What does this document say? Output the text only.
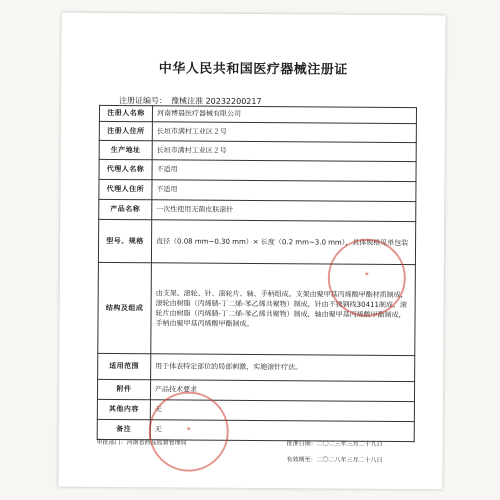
中华人民共和国医疗器械注册证
注册证编号： 豫械注准 20232200217
注册人名称	河南博晨医疗器械有限公司
注册人住所	长垣市满村工业区２号
生产地址	长垣市满村工业区２号
代理人名称	不适用
代理人住所	不适用
产品名称	一次性使用无菌皮肤滚针
型号、规格	直径（0.08 mm~0.30 mm）× 长度（0.2 mm~3.0 mm），具体规格见单包装
结构及组成	由支架、滚轮、针、滚轮片、轴、手柄组成。支架由聚甲基丙烯酸甲酯材质制成，滚轮由树脂（丙烯腈-丁二烯-苯乙烯共聚物）制成，针由不锈钢线30411制成，滚轮片由树脂（丙烯腈-丁二烯-苯乙烯共聚物）制成，轴由聚甲基丙烯酸甲酯制成，手柄由聚甲基丙烯酸甲酯制成。
适用范围	用于体表特定部位的局部刺激，实施滚针疗法。
附件	产品技术要求
其他内容	无
备注	无
审批部门：河南省药品监督管理局	批准日期：二〇二三年三月二十九日
有效期至：二〇二八年三月二十八日
★
★
